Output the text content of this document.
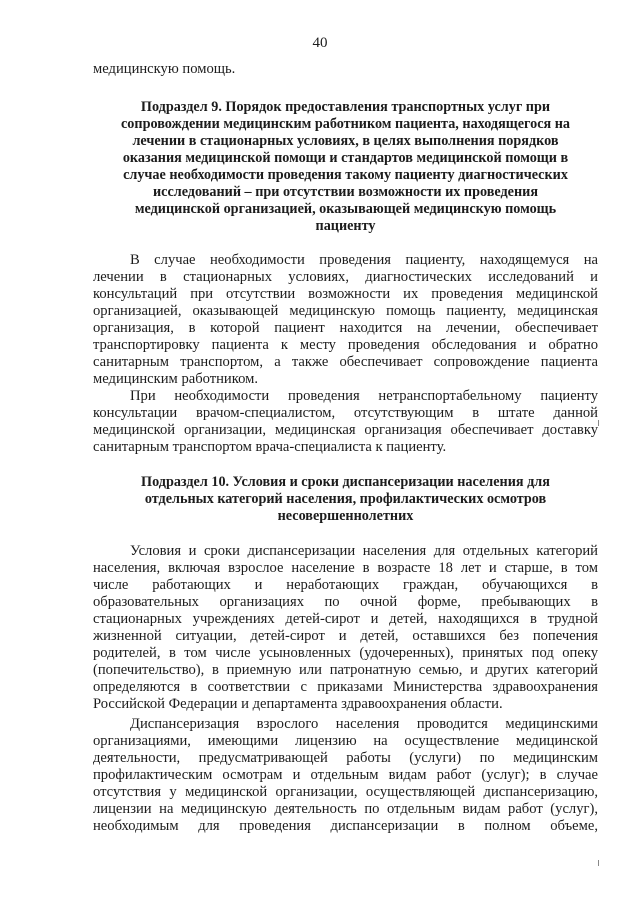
40
медицинскую помощь.
Подраздел 9. Порядок предоставления транспортных услуг при
сопровождении медицинским работником пациента, находящегося на
лечении в стационарных условиях, в целях выполнения порядков
оказания медицинской помощи и стандартов медицинской помощи в
случае необходимости проведения такому пациенту диагностических
исследований – при отсутствии возможности их проведения
медицинской организацией, оказывающей медицинскую помощь
пациенту
В случае необходимости проведения пациенту, находящемуся на
лечении в стационарных условиях, диагностических исследований и
консультаций при отсутствии возможности их проведения медицинской
организацией, оказывающей медицинскую помощь пациенту, медицинская
организация, в которой пациент находится на лечении, обеспечивает
транспортировку пациента к месту проведения обследования и обратно
санитарным транспортом, а также обеспечивает сопровождение пациента
медицинским работником.
При необходимости проведения нетранспортабельному пациенту
консультации врачом-специалистом, отсутствующим в штате данной
медицинской организации, медицинская организация обеспечивает доставку
санитарным транспортом врача-специалиста к пациенту.
Подраздел 10. Условия и сроки диспансеризации населения для
отдельных категорий населения, профилактических осмотров
несовершеннолетних
Условия и сроки диспансеризации населения для отдельных категорий
населения, включая взрослое население в возрасте 18 лет и старше, в том
числе работающих и неработающих граждан, обучающихся в
образовательных организациях по очной форме, пребывающих в
стационарных учреждениях детей-сирот и детей, находящихся в трудной
жизненной ситуации, детей-сирот и детей, оставшихся без попечения
родителей, в том числе усыновленных (удочеренных), принятых под опеку
(попечительство), в приемную или патронатную семью, и других категорий
определяются в соответствии с приказами Министерства здравоохранения
Российской Федерации и департамента здравоохранения области.
Диспансеризация взрослого населения проводится медицинскими
организациями, имеющими лицензию на осуществление медицинской
деятельности, предусматривающей работы (услуги) по медицинским
профилактическим осмотрам и отдельным видам работ (услуг); в случае
отсутствия у медицинской организации, осуществляющей диспансеризацию,
лицензии на медицинскую деятельность по отдельным видам работ (услуг),
необходимым для проведения диспансеризации в полном объеме,
